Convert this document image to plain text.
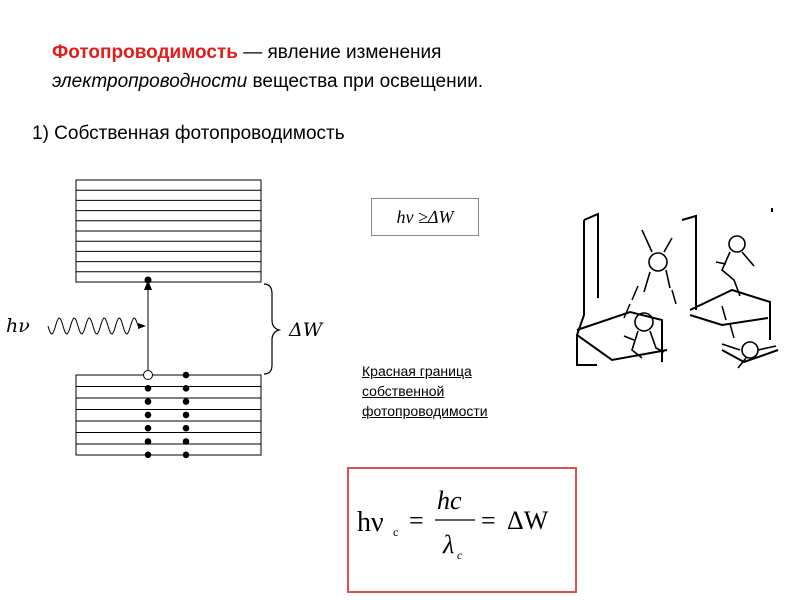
Фотопроводимость — явление изменения
электропроводности вещества при освещении.
1) Собственная фотопроводимость
hν	ΔW
hν ≥ΔW
Красная граница
собственной
фотопроводимости
hν c =
hc
λ c
= ΔW
